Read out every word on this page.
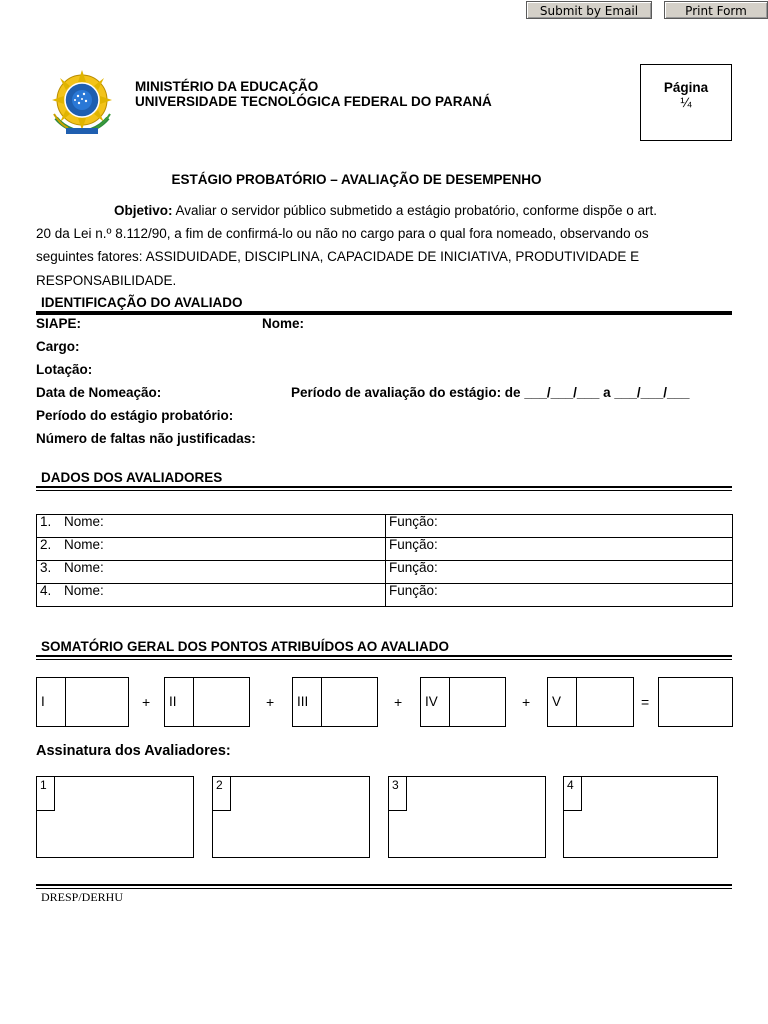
Submit by Email	Print Form
MINISTÉRIO DA EDUCAÇÃO
UNIVERSIDADE TECNOLÓGICA FEDERAL DO PARANÁ
Página
¼
ESTÁGIO PROBATÓRIO – AVALIAÇÃO DE DESEMPENHO
Objetivo: Avaliar o servidor público submetido a estágio probatório, conforme dispõe o art.
20 da Lei n.º 8.112/90, a fim de confirmá-lo ou não no cargo para o qual fora nomeado, observando os
seguintes fatores: ASSIDUIDADE, DISCIPLINA, CAPACIDADE DE INICIATIVA, PRODUTIVIDADE E
RESPONSABILIDADE.
IDENTIFICAÇÃO DO AVALIADO
SIAPE:	Nome:
Cargo:
Lotação:
Data de Nomeação:	Período de avaliação do estágio: de ___/___/___ a ___/___/___
Período do estágio probatório:
Número de faltas não justificadas:
DADOS DOS AVALIADORES
1. Nome:	Função:
2. Nome:	Função:
3. Nome:	Função:
4. Nome:	Função:
SOMATÓRIO GERAL DOS PONTOS ATRIBUÍDOS AO AVALIADO
I	+ II	+ III	+ IV	+ V	=
Assinatura dos Avaliadores:
1	2	3	4
DRESP/DERHU
